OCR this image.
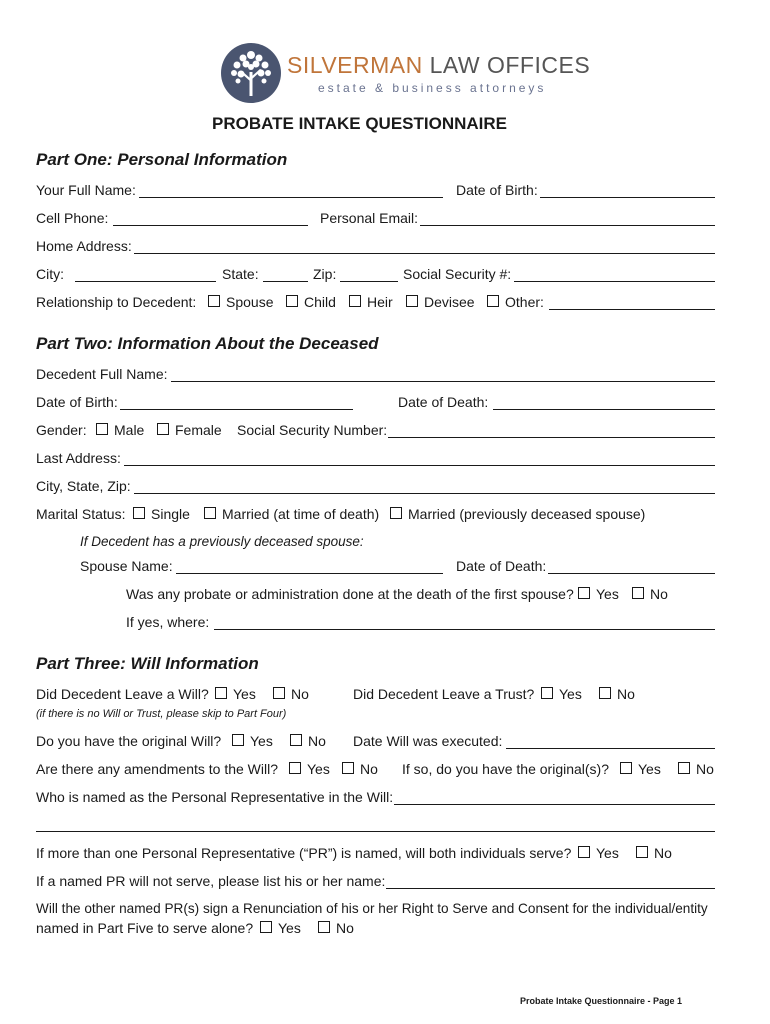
SILVERMAN LAW OFFICES
estate & business attorneys
PROBATE INTAKE QUESTIONNAIRE
Part One: Personal Information
Your Full Name:	Date of Birth:
Cell Phone:	Personal Email:
Home Address:
City:	State:	Zip:	Social Security #:
Relationship to Decedent: Spouse Child Heir Devisee Other:
Part Two: Information About the Deceased
Decedent Full Name:
Date of Birth:	Date of Death:
Gender: Male Female Social Security Number:
Last Address:
City, State, Zip:
Marital Status: Single Married (at time of death) Married (previously deceased spouse)
If Decedent has a previously deceased spouse:
Spouse Name:	Date of Death:
Was any probate or administration done at the death of the first spouse? Yes No
If yes, where:
Part Three: Will Information
Did Decedent Leave a Will? Yes	No	Did Decedent Leave a Trust? Yes	No
(if there is no Will or Trust, please skip to Part Four)
Do you have the original Will? Yes	No Date Will was executed:
Are there any amendments to the Will? Yes No If so, do you have the original(s)? Yes	No
Who is named as the Personal Representative in the Will:
If more than one Personal Representative (“PR”) is named, will both individuals serve? Yes	No
If a named PR will not serve, please list his or her name:
Will the other named PR(s) sign a Renunciation of his or her Right to Serve and Consent for the individual/entity
named in Part Five to serve alone? Yes	No
Probate Intake Questionnaire - Page 1
